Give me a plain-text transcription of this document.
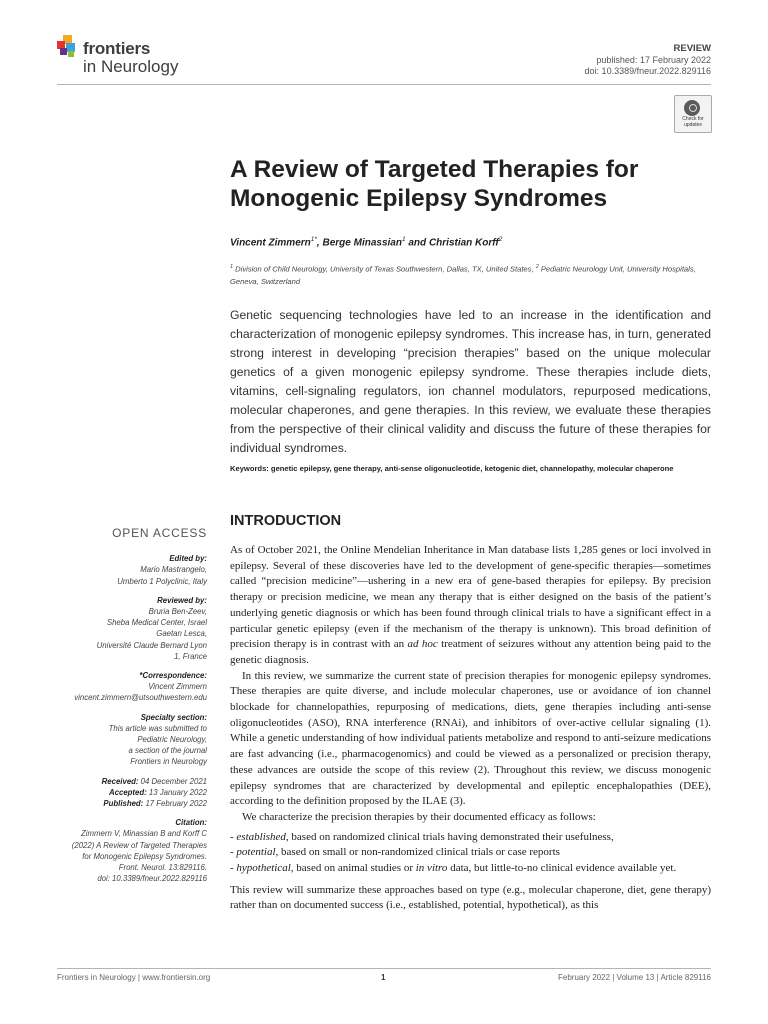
frontiers
in Neurology
REVIEW
published: 17 February 2022
doi: 10.3389/fneur.2022.829116
Check for updates
A Review of Targeted Therapies for Monogenic Epilepsy Syndromes
Vincent Zimmern$^{1*}$, Berge Minassian$^1$ and Christian Korff$^2$
$^1$ Division of Child Neurology, University of Texas Southwestern, Dallas, TX, United States, $^2$ Pediatric Neurology Unit, University Hospitals, Geneva, Switzerland
Genetic sequencing technologies have led to an increase in the identification and characterization of monogenic epilepsy syndromes. This increase has, in turn, generated strong interest in developing “precision therapies” based on the unique molecular genetics of a given monogenic epilepsy syndrome. These therapies include diets, vitamins, cell-signaling regulators, ion channel modulators, repurposed medications, molecular chaperones, and gene therapies. In this review, we evaluate these therapies from the perspective of their clinical validity and discuss the future of these therapies for individual syndromes.
Keywords: genetic epilepsy, gene therapy, anti-sense oligonucleotide, ketogenic diet, channelopathy, molecular chaperone
OPEN ACCESS
Edited by:
Mario Mastrangelo,
Umberto 1 Polyclinic, Italy
Reviewed by:
Bruria Ben-Zeev,
Sheba Medical Center, Israel
Gaetan Lesca,
Université Claude Bernard Lyon
1, France
*Correspondence:
Vincent Zimmern
vincent.zimmern@utsouthwestern.edu
Specialty section:
This article was submitted to
Pediatric Neurology,
a section of the journal
Frontiers in Neurology
Received: 04 December 2021
Accepted: 13 January 2022
Published: 17 February 2022
Citation:
Zimmern V, Minassian B and Korff C
(2022) A Review of Targeted Therapies
for Monogenic Epilepsy Syndromes.
Front. Neurol. 13:829116.
doi: 10.3389/fneur.2022.829116
INTRODUCTION

As of October 2021, the Online Mendelian Inheritance in Man database lists 1,285 genes or loci involved in epilepsy. Several of these discoveries have led to the development of gene-specific therapies—sometimes called “precision medicine”—ushering in a new era of gene-based therapies for epilepsy. By precision therapy or precision medicine, we mean any therapy that is either designed on the basis of the patient’s underlying genetic diagnosis or which has been found through clinical trials to have a significant effect in a particular genetic epilepsy (even if the mechanism of the therapy is unknown). This broad definition of precision therapy is in contrast with an ad hoc treatment of seizures without any attention being paid to the genetic diagnosis.

In this review, we summarize the current state of precision therapies for monogenic epilepsy syndromes. These therapies are quite diverse, and include molecular chaperones, use or avoidance of ion channel blockade for channelopathies, repurposing of medications, diets, gene therapies including anti-sense oligonucleotides (ASO), RNA interference (RNAi), and inhibitors of over-active cellular signaling (1). While a genetic understanding of how individual patients metabolize and respond to anti-seizure medications are fast advancing (i.e., pharmacogenomics) and could be viewed as a personalized or precision therapy, these advances are outside the scope of this review (2). Throughout this review, we discuss monogenic epilepsy syndromes that are characterized by developmental and epileptic encephalopathies (DEE), according to the definition proposed by the ILAE (3).

We characterize the precision therapies by their documented efficacy as follows:

- established, based on randomized clinical trials having demonstrated their usefulness,
- potential, based on small or non-randomized clinical trials or case reports
- hypothetical, based on animal studies or in vitro data, but little-to-no clinical evidence available yet.

This review will summarize these approaches based on type (e.g., molecular chaperone, diet, gene therapy) rather than on documented success (i.e., established, potential, hypothetical), as this

Frontiers in Neurology | www.frontiersin.org	1	February 2022 | Volume 13 | Article 829116
